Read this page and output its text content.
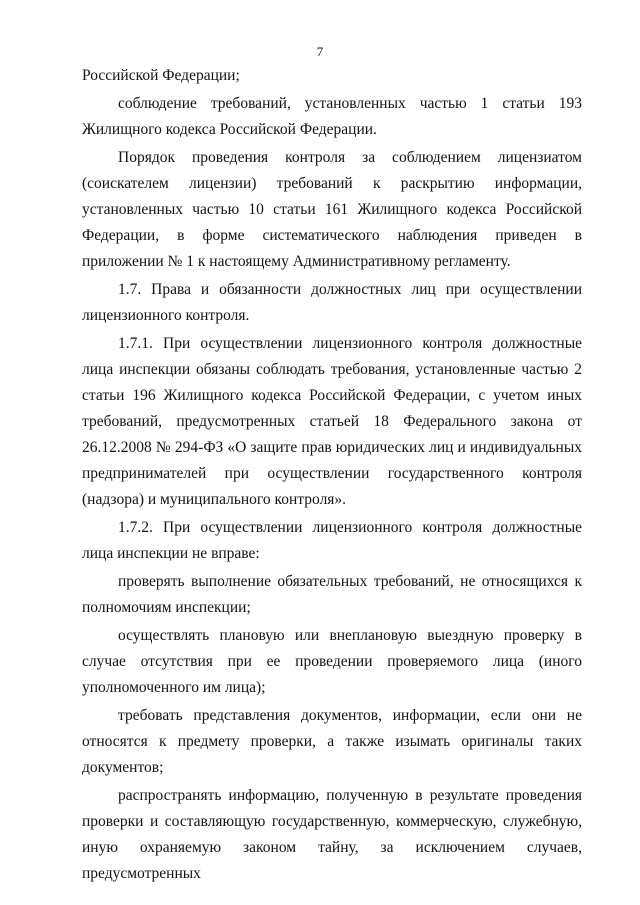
7

Российской Федерации;

соблюдение требований, установленных частью 1 статьи 193 Жилищного кодекса Российской Федерации.

Порядок проведения контроля за соблюдением лицензиатом (соискателем лицензии) требований к раскрытию информации, установленных частью 10 статьи 161 Жилищного кодекса Российской Федерации, в форме систематического наблюдения приведен в приложении № 1 к настоящему Административному регламенту.

1.7. Права и обязанности должностных лиц при осуществлении лицензионного контроля.

1.7.1. При осуществлении лицензионного контроля должностные лица инспекции обязаны соблюдать требования, установленные частью 2 статьи 196 Жилищного кодекса Российской Федерации, с учетом иных требований, предусмотренных статьей 18 Федерального закона от 26.12.2008 № 294-ФЗ «О защите прав юридических лиц и индивидуальных предпринимателей при осуществлении государственного контроля (надзора) и муниципального контроля».

1.7.2. При осуществлении лицензионного контроля должностные лица инспекции не вправе:

проверять выполнение обязательных требований, не относящихся к полномочиям инспекции;

осуществлять плановую или внеплановую выездную проверку в случае отсутствия при ее проведении проверяемого лица (иного уполномоченного им лица);

требовать представления документов, информации, если они не относятся к предмету проверки, а также изымать оригиналы таких документов;

распространять информацию, полученную в результате проведения проверки и составляющую государственную, коммерческую, служебную, иную охраняемую законом тайну, за исключением случаев, предусмотренных
